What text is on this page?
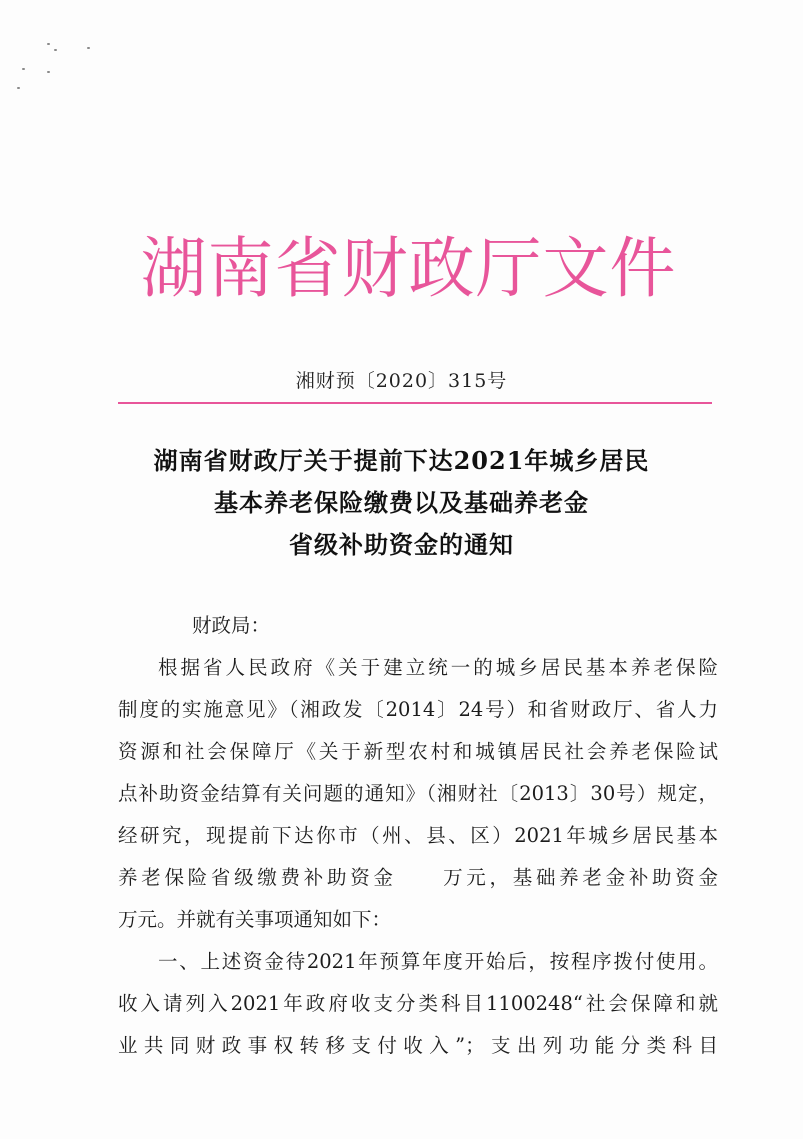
湖南省财政厅文件
湘财预〔2020〕315号
湖南省财政厅关于提前下达2021年城乡居民
基本养老保险缴费以及基础养老金
省级补助资金的通知
财政局：
根据省人民政府《关于建立统一的城乡居民基本养老保险
制度的实施意见》（湘政发〔2014〕24号）和省财政厅、省人力
资源和社会保障厅《关于新型农村和城镇居民社会养老保险试
点补助资金结算有关问题的通知》（湘财社〔2013〕30号）规定，
经研究，现提前下达你市（州、县、区）2021年城乡居民基本
养老保险省级缴费补助资金　　万元，基础养老金补助资金
万元。并就有关事项通知如下：
一、上述资金待2021年预算年度开始后，按程序拨付使用。
收入请列入2021年政府收支分类科目1100248“社会保障和就
业共同财政事权转移支付收入”；支出列功能分类科目
